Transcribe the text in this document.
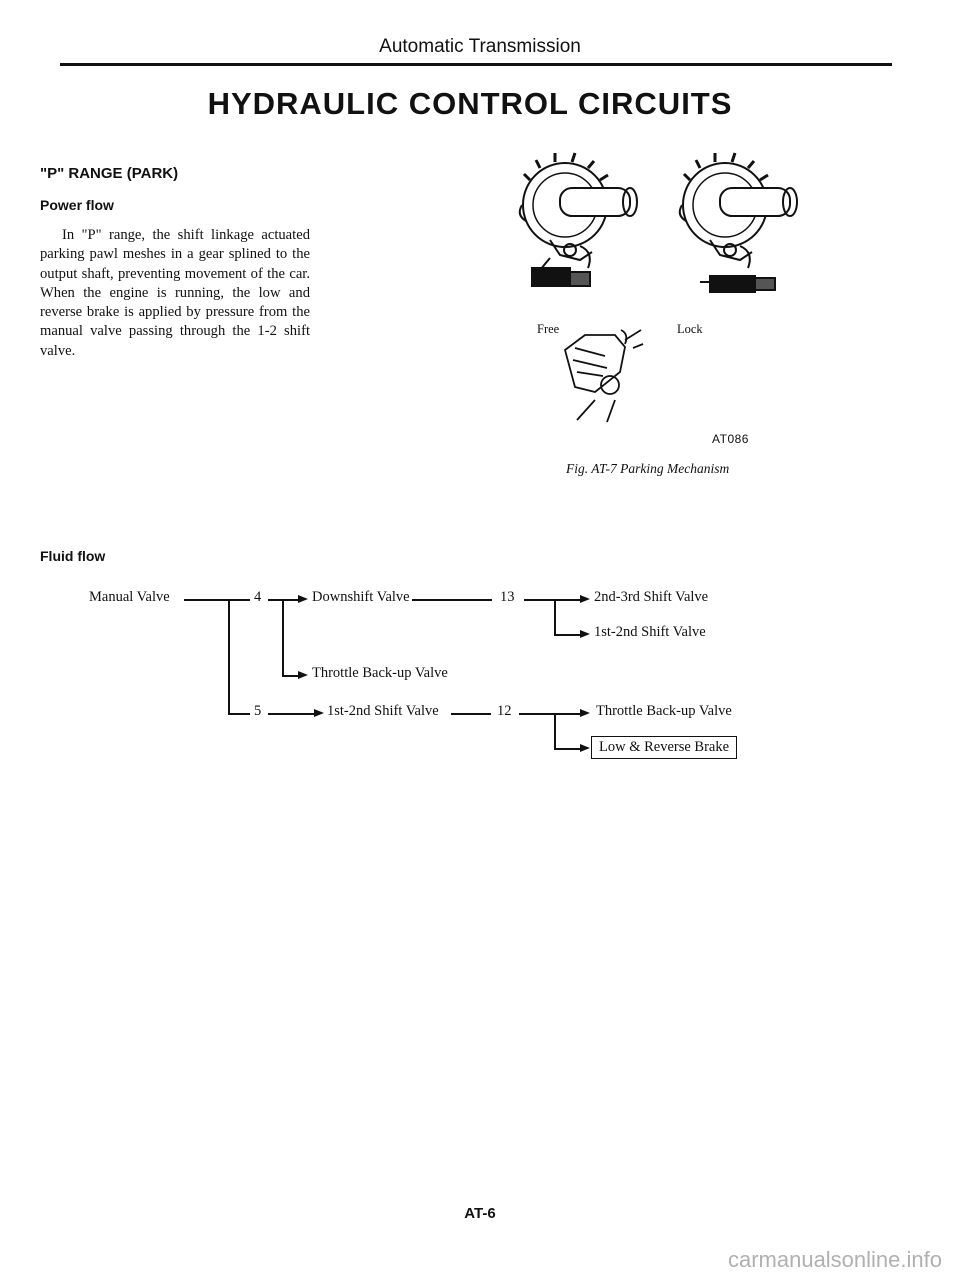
Automatic Transmission
HYDRAULIC CONTROL CIRCUITS
"P" RANGE (PARK)
Power flow
In "P" range, the shift linkage actuated parking pawl meshes in a gear splined to the output shaft, preventing movement of the car. When the engine is running, the low and reverse brake is applied by pressure from the manual valve passing through the 1-2 shift valve.
Free	Lock
AT086
Fig. AT-7 Parking Mechanism
Fluid flow
Manual Valve	4	Downshift Valve	13	2nd-3rd Shift Valve
1st-2nd Shift Valve
Throttle Back-up Valve
5	1st-2nd Shift Valve	12	Throttle Back-up Valve
Low & Reverse Brake
AT-6
carmanualsonline.info
